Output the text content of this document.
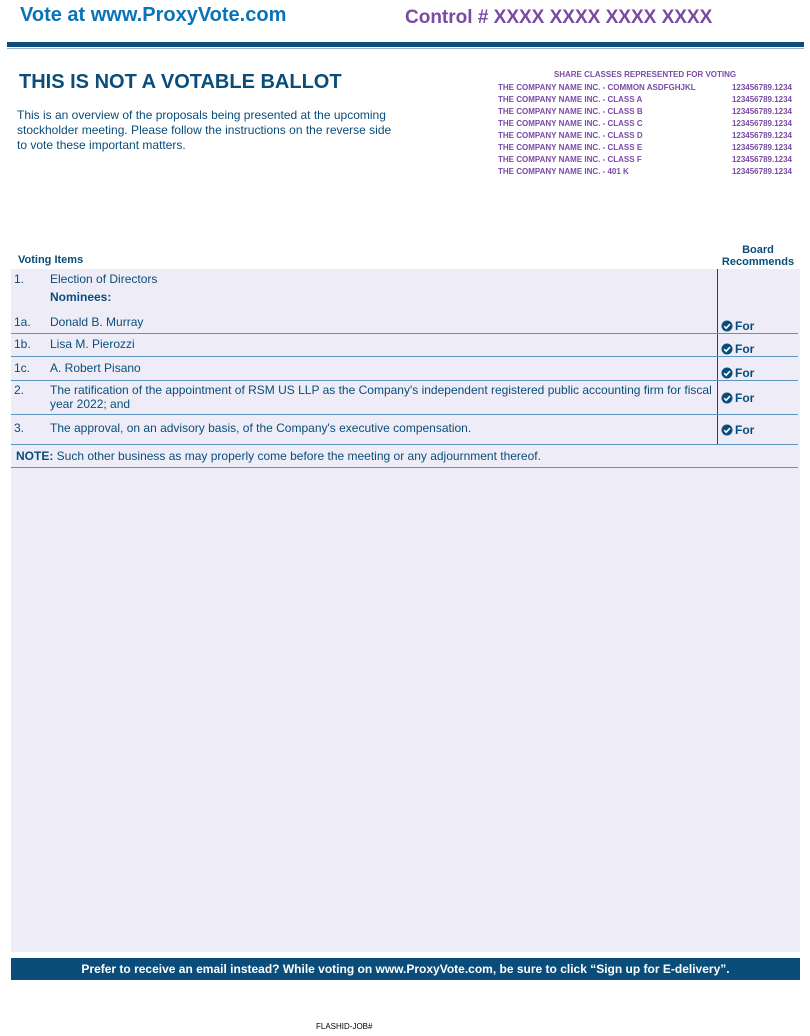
Vote at www.ProxyVote.com	Control # XXXX XXXX XXXX XXXX
THIS IS NOT A VOTABLE BALLOT
This is an overview of the proposals being presented at the upcoming stockholder meeting. Please follow the instructions on the reverse side to vote these important matters.
SHARE CLASSES REPRESENTED FOR VOTING
THE COMPANY NAME INC. - COMMON ASDFGHJKL	123456789.1234
THE COMPANY NAME INC. - CLASS A	123456789.1234
THE COMPANY NAME INC. - CLASS B	123456789.1234
THE COMPANY NAME INC. - CLASS C	123456789.1234
THE COMPANY NAME INC. - CLASS D	123456789.1234
THE COMPANY NAME INC. - CLASS E	123456789.1234
THE COMPANY NAME INC. - CLASS F	123456789.1234
THE COMPANY NAME INC. - 401 K	123456789.1234
Voting Items
Board Recommends
1.	Election of Directors
Nominees:
1a.	Donald B. Murray	For
1b.	Lisa M. Pierozzi	For
1c.	A. Robert Pisano	For
2.	The ratification of the appointment of RSM US LLP as the Company's independent registered public accounting firm for fiscal year 2022; and	For
3.	The approval, on an advisory basis, of the Company's executive compensation.	For
NOTE: Such other business as may properly come before the meeting or any adjournment thereof.
Prefer to receive an email instead? While voting on www.ProxyVote.com, be sure to click “Sign up for E-delivery”.
FLASHID-JOB#
